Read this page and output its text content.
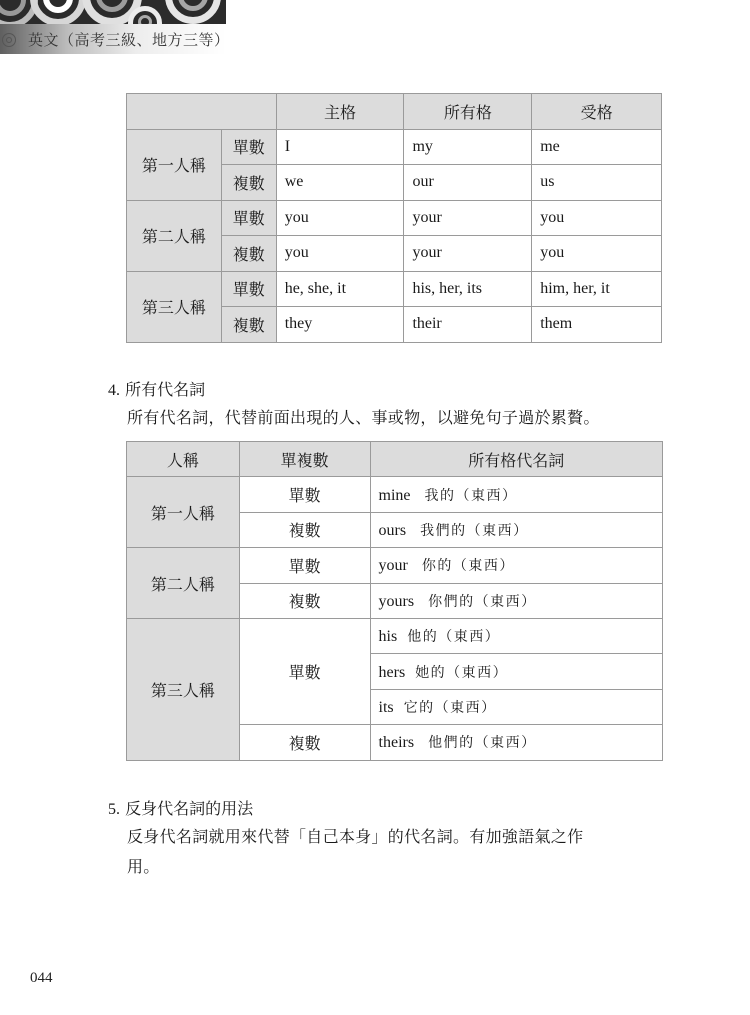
英文（高考三級、地方三等）
		主格	所有格	受格
第一人稱	單數	I	my	me
	複數	we	our	us
第二人稱	單數	you	your	you
	複數	you	your	you
第三人稱	單數	he, she, it	his, her, its	him, her, it
	複數	they	their	them
4. 所有代名詞
所有代名詞，代替前面出現的人、事或物，以避免句子過於累贅。
人稱	單複數	所有格代名詞
第一人稱	單數	mine 我的（東西）
	複數	ours 我們的（東西）
第二人稱	單數	your 你的（東西）
	複數	yours 你們的（東西）
第三人稱	單數	his 他的（東西）
		hers 她的（東西）
		its 它的（東西）
	複數	theirs 他們的（東西）
5. 反身代名詞的用法
反身代名詞就用來代替「自己本身」的代名詞。有加強語氣之作
用。
044
